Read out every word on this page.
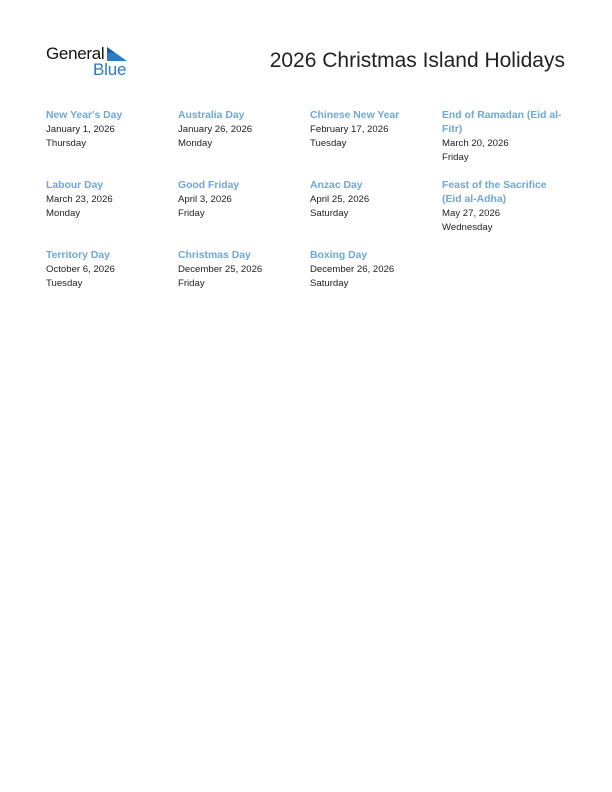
General
Blue	2026 Christmas Island Holidays
New Year's Day
January 1, 2026
Thursday
Australia Day
January 26, 2026
Monday
Chinese New Year
February 17, 2026
Tuesday
End of Ramadan (Eid al-Fitr)
March 20, 2026
Friday
Labour Day
March 23, 2026
Monday
Good Friday
April 3, 2026
Friday
Anzac Day
April 25, 2026
Saturday
Feast of the Sacrifice (Eid al-Adha)
May 27, 2026
Wednesday
Territory Day
October 6, 2026
Tuesday
Christmas Day
December 25, 2026
Friday
Boxing Day
December 26, 2026
Saturday
